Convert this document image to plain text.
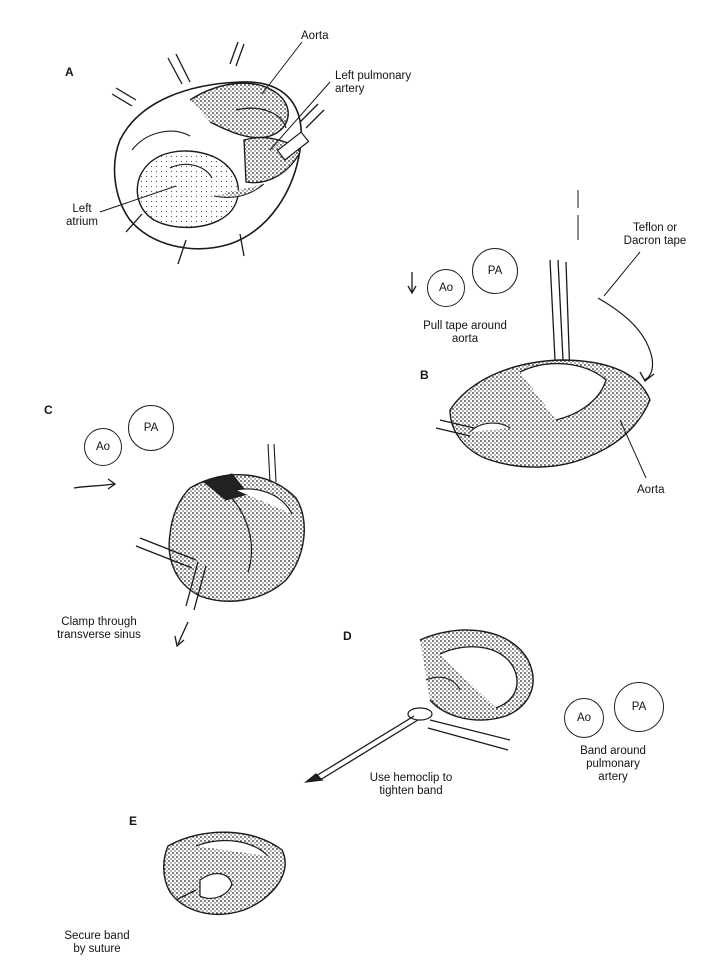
A
B
C
D
E
Aorta
Left pulmonary
artery
Left
atrium
Ao
PA
Pull tape around
aorta
Teflon or
Dacron tape
Aorta
Ao
PA
Clamp through
transverse sinus
Ao
PA
Use hemoclip to
tighten band
Band around
pulmonary
artery
Secure band
by suture
